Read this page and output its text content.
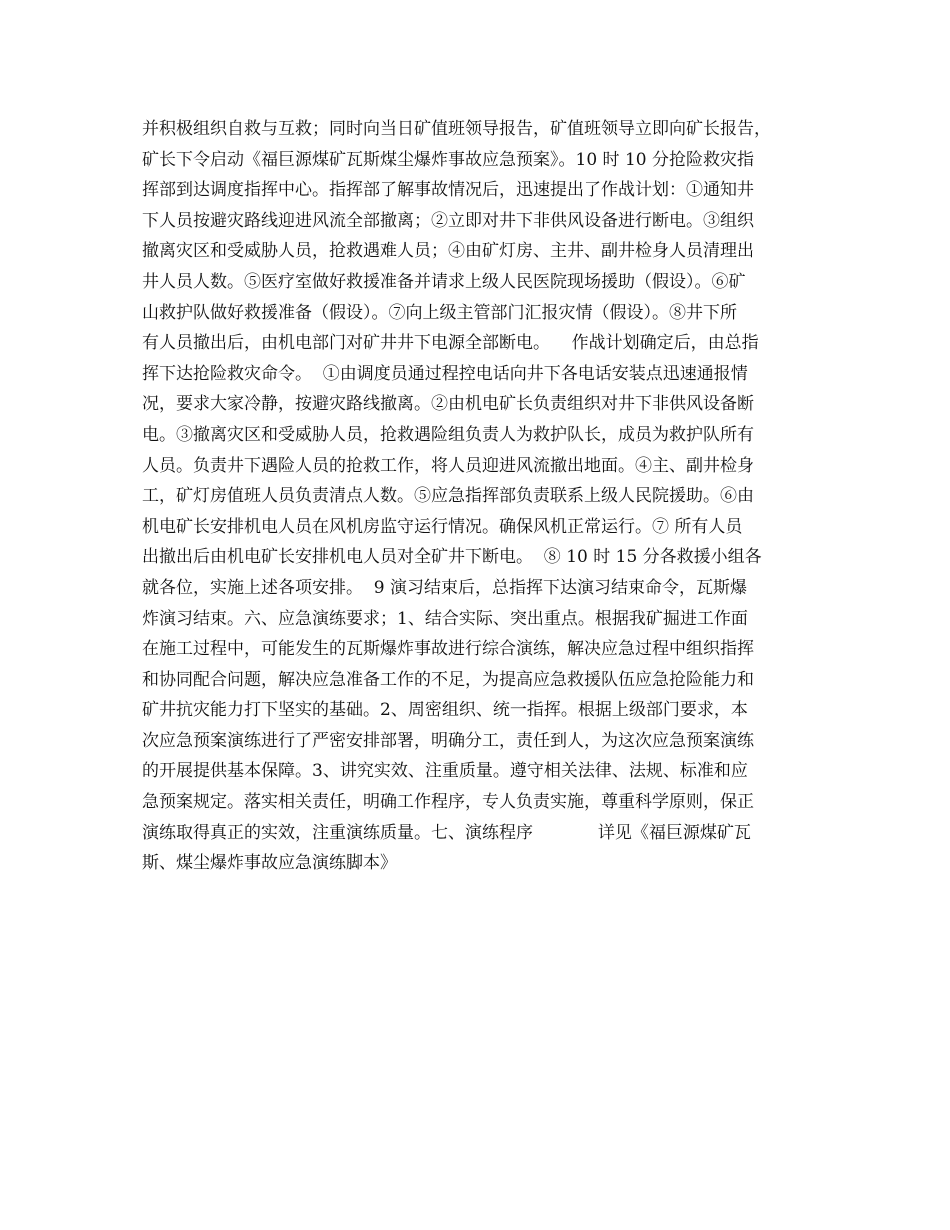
并积极组织自救与互救；同时向当日矿值班领导报告，矿值班领导立即向矿长报告，

矿长下令启动《福巨源煤矿瓦斯煤尘爆炸事故应急预案》。10 时 10 分抢险救灾指

挥部到达调度指挥中心。指挥部了解事故情况后，迅速提出了作战计划：①通知井

下人员按避灾路线迎进风流全部撤离；②立即对井下非供风设备进行断电。③组织

撤离灾区和受威胁人员，抢救遇难人员；④由矿灯房、主井、副井检身人员清理出

井人员人数。⑤医疗室做好救援准备并请求上级人民医院现场援助（假设）。⑥矿

山救护队做好救援准备（假设）。⑦向上级主管部门汇报灾情（假设）。⑧井下所

有人员撤出后，由机电部门对矿井井下电源全部断电。    作战计划确定后，由总指

挥下达抢险救灾命令。  ①由调度员通过程控电话向井下各电话安装点迅速通报情

况，要求大家冷静，按避灾路线撤离。②由机电矿长负责组织对井下非供风设备断

电。③撤离灾区和受威胁人员，抢救遇险组负责人为救护队长，成员为救护队所有

人员。负责井下遇险人员的抢救工作，将人员迎进风流撤出地面。④主、副井检身

工，矿灯房值班人员负责清点人数。⑤应急指挥部负责联系上级人民院援助。⑥由

机电矿长安排机电人员在风机房监守运行情况。确保风机正常运行。⑦ 所有人员

出撤出后由机电矿长安排机电人员对全矿井下断电。  ⑧ 10 时 15 分各救援小组各

就各位，实施上述各项安排。  9 演习结束后，总指挥下达演习结束命令，瓦斯爆

炸演习结束。六、应急演练要求；1、结合实际、突出重点。根据我矿掘进工作面

在施工过程中，可能发生的瓦斯爆炸事故进行综合演练，解决应急过程中组织指挥

和协同配合问题，解决应急准备工作的不足，为提高应急救援队伍应急抢险能力和

矿井抗灾能力打下坚实的基础。2、周密组织、统一指挥。根据上级部门要求，本

次应急预案演练进行了严密安排部署，明确分工，责任到人，为这次应急预案演练

的开展提供基本保障。3、讲究实效、注重质量。遵守相关法律、法规、标准和应

急预案规定。落实相关责任，明确工作程序，专人负责实施，尊重科学原则，保正

演练取得真正的实效，注重演练质量。七、演练程序            详见《福巨源煤矿瓦

斯、煤尘爆炸事故应急演练脚本》
